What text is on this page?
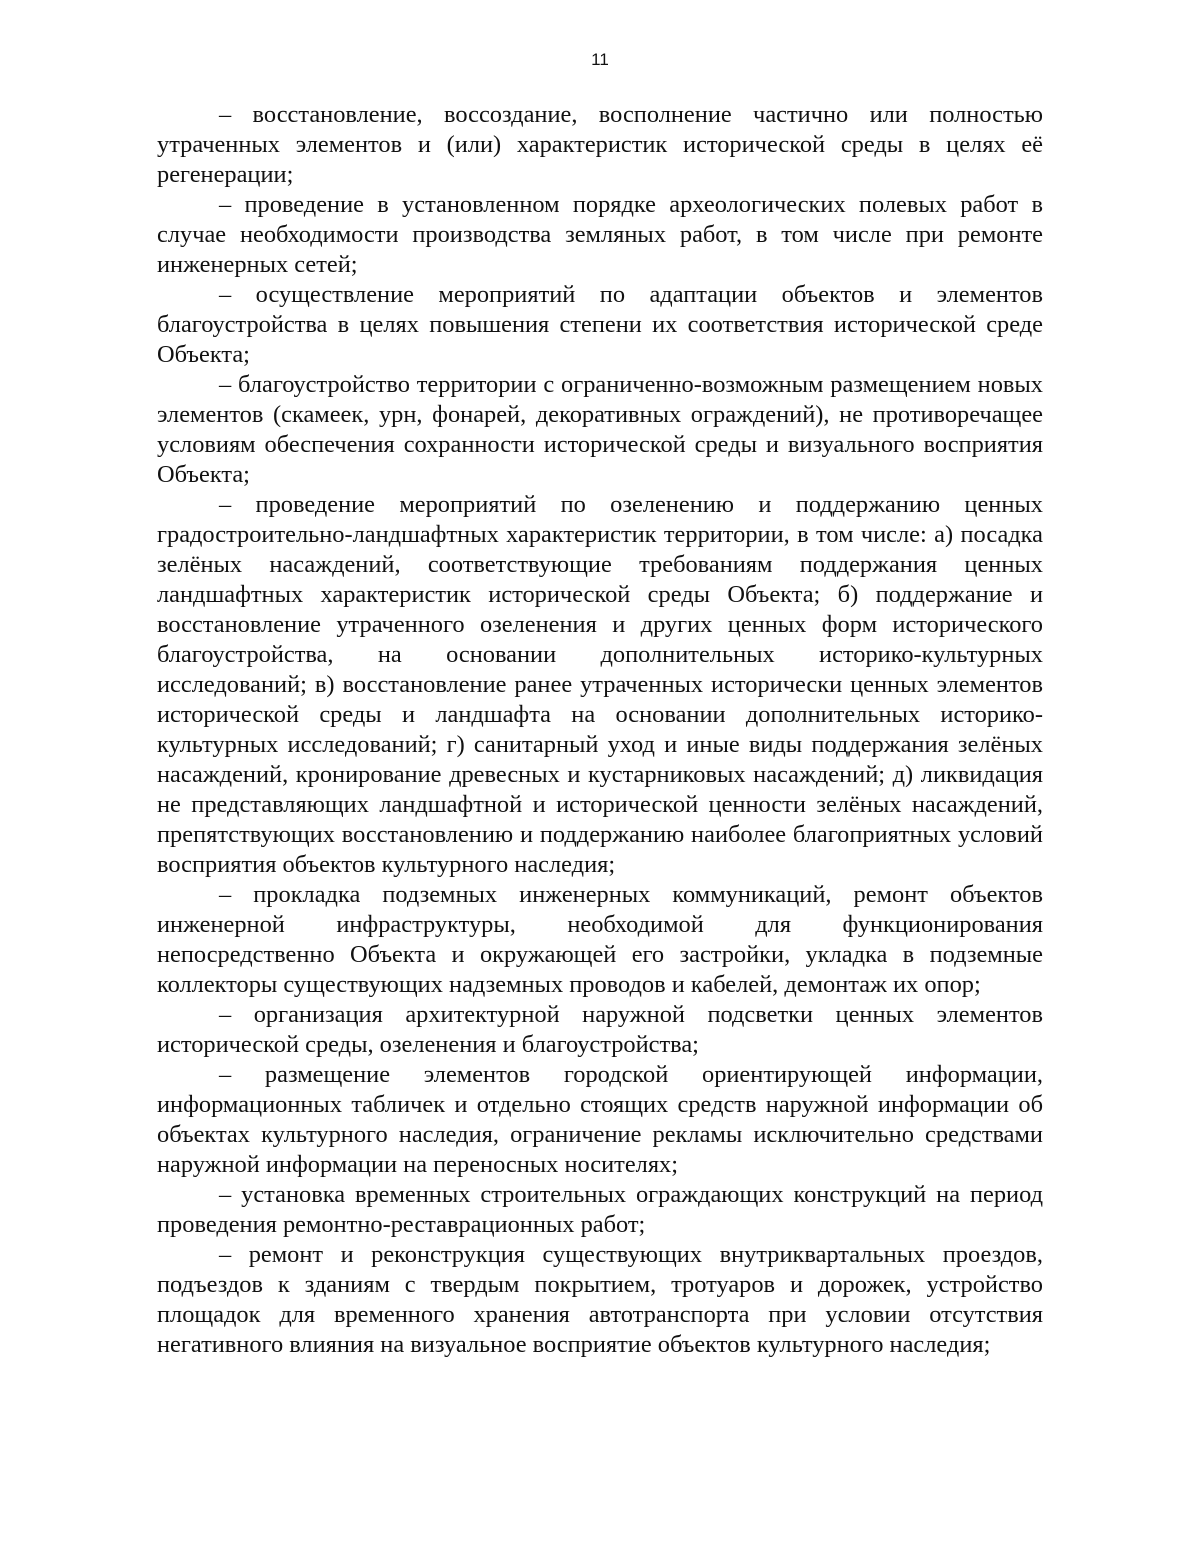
11

– восстановление, воссоздание, восполнение частично или полностью утраченных элементов и (или) характеристик исторической среды в целях её регенерации;

– проведение в установленном порядке археологических полевых работ в случае необходимости производства земляных работ, в том числе при ремонте инженерных сетей;

– осуществление мероприятий по адаптации объектов и элементов благоустройства в целях повышения степени их соответствия исторической среде Объекта;

– благоустройство территории с ограниченно-возможным размещением новых элементов (скамеек, урн, фонарей, декоративных ограждений), не противоречащее условиям обеспечения сохранности исторической среды и визуального восприятия Объекта;

– проведение мероприятий по озеленению и поддержанию ценных градостроительно-ландшафтных характеристик территории, в том числе: а) посадка зелёных насаждений, соответствующие требованиям поддержания ценных ландшафтных характеристик исторической среды Объекта; б) поддержание и восстановление утраченного озеленения и других ценных форм исторического благоустройства, на основании дополнительных историко-культурных исследований; в) восстановление ранее утраченных исторически ценных элементов исторической среды и ландшафта на основании дополнительных историко-культурных исследований; г) санитарный уход и иные виды поддержания зелёных насаждений, кронирование древесных и кустарниковых насаждений; д) ликвидация не представляющих ландшафтной и исторической ценности зелёных насаждений, препятствующих восстановлению и поддержанию наиболее благоприятных условий восприятия объектов культурного наследия;

– прокладка подземных инженерных коммуникаций, ремонт объектов инженерной инфраструктуры, необходимой для функционирования непосредственно Объекта и окружающей его застройки, укладка в подземные коллекторы существующих надземных проводов и кабелей, демонтаж их опор;

– организация архитектурной наружной подсветки ценных элементов исторической среды, озеленения и благоустройства;

– размещение элементов городской ориентирующей информации, информационных табличек и отдельно стоящих средств наружной информации об объектах культурного наследия, ограничение рекламы исключительно средствами наружной информации на переносных носителях;

– установка временных строительных ограждающих конструкций на период проведения ремонтно-реставрационных работ;

– ремонт и реконструкция существующих внутриквартальных проездов, подъездов к зданиям с твердым покрытием, тротуаров и дорожек, устройство площадок для временного хранения автотранспорта при условии отсутствия негативного влияния на визуальное восприятие объектов культурного наследия;
